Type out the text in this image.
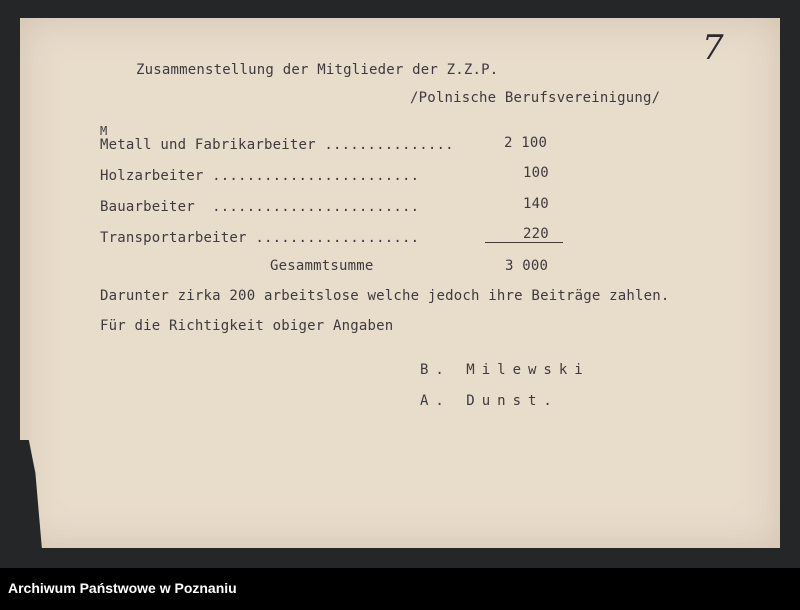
7
Zusammenstellung der Mitglieder der Z.Z.P.
/Polnische Berufsvereinigung/
M
Metall und Fabrikarbeiter ...............	2 100
Holzarbeiter ........................	100
Bauarbeiter  ........................	140
Transportarbeiter ...................	220
Gesammtsumme	3 000
Darunter zirka 200 arbeitslose welche jedoch ihre Beiträge zahlen.
Für die Richtigkeit obiger Angaben
B. Milewski
A. Dunst.
Archiwum Państwowe w Poznaniu
